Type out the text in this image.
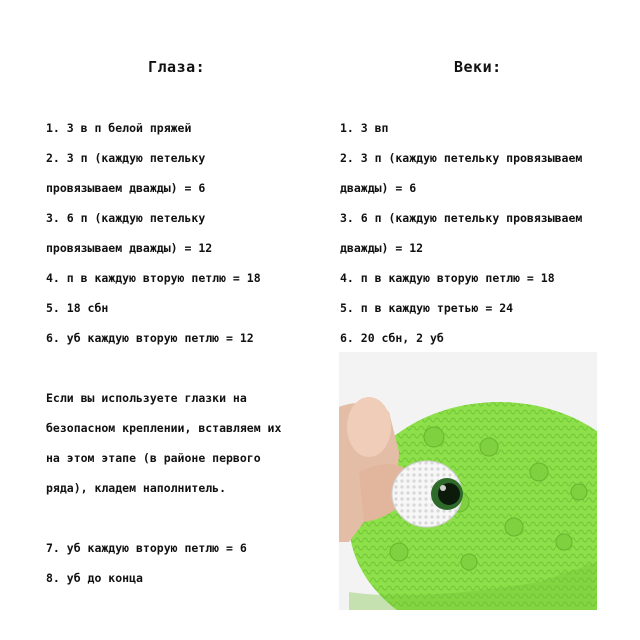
Глаза:	Веки:
1. 3 в п белой пряжей
2. 3 п (каждую петельку
провязываем дважды) = 6
3. 6 п (каждую петельку
провязываем дважды) = 12
4. п в каждую вторую петлю = 18
5. 18 сбн
6. уб каждую вторую петлю = 12
1. 3 вп
2. 3 п (каждую петельку провязываем
дважды) = 6
3. 6 п (каждую петельку провязываем
дважды) = 12
4. п в каждую вторую петлю = 18
5. п в каждую третью = 24
6. 20 сбн, 2 уб
Если вы используете глазки на
безопасном креплении, вставляем их
на этом этапе (в районе первого
ряда), кладем наполнитель.
7. уб каждую вторую петлю = 6
8. уб до конца
